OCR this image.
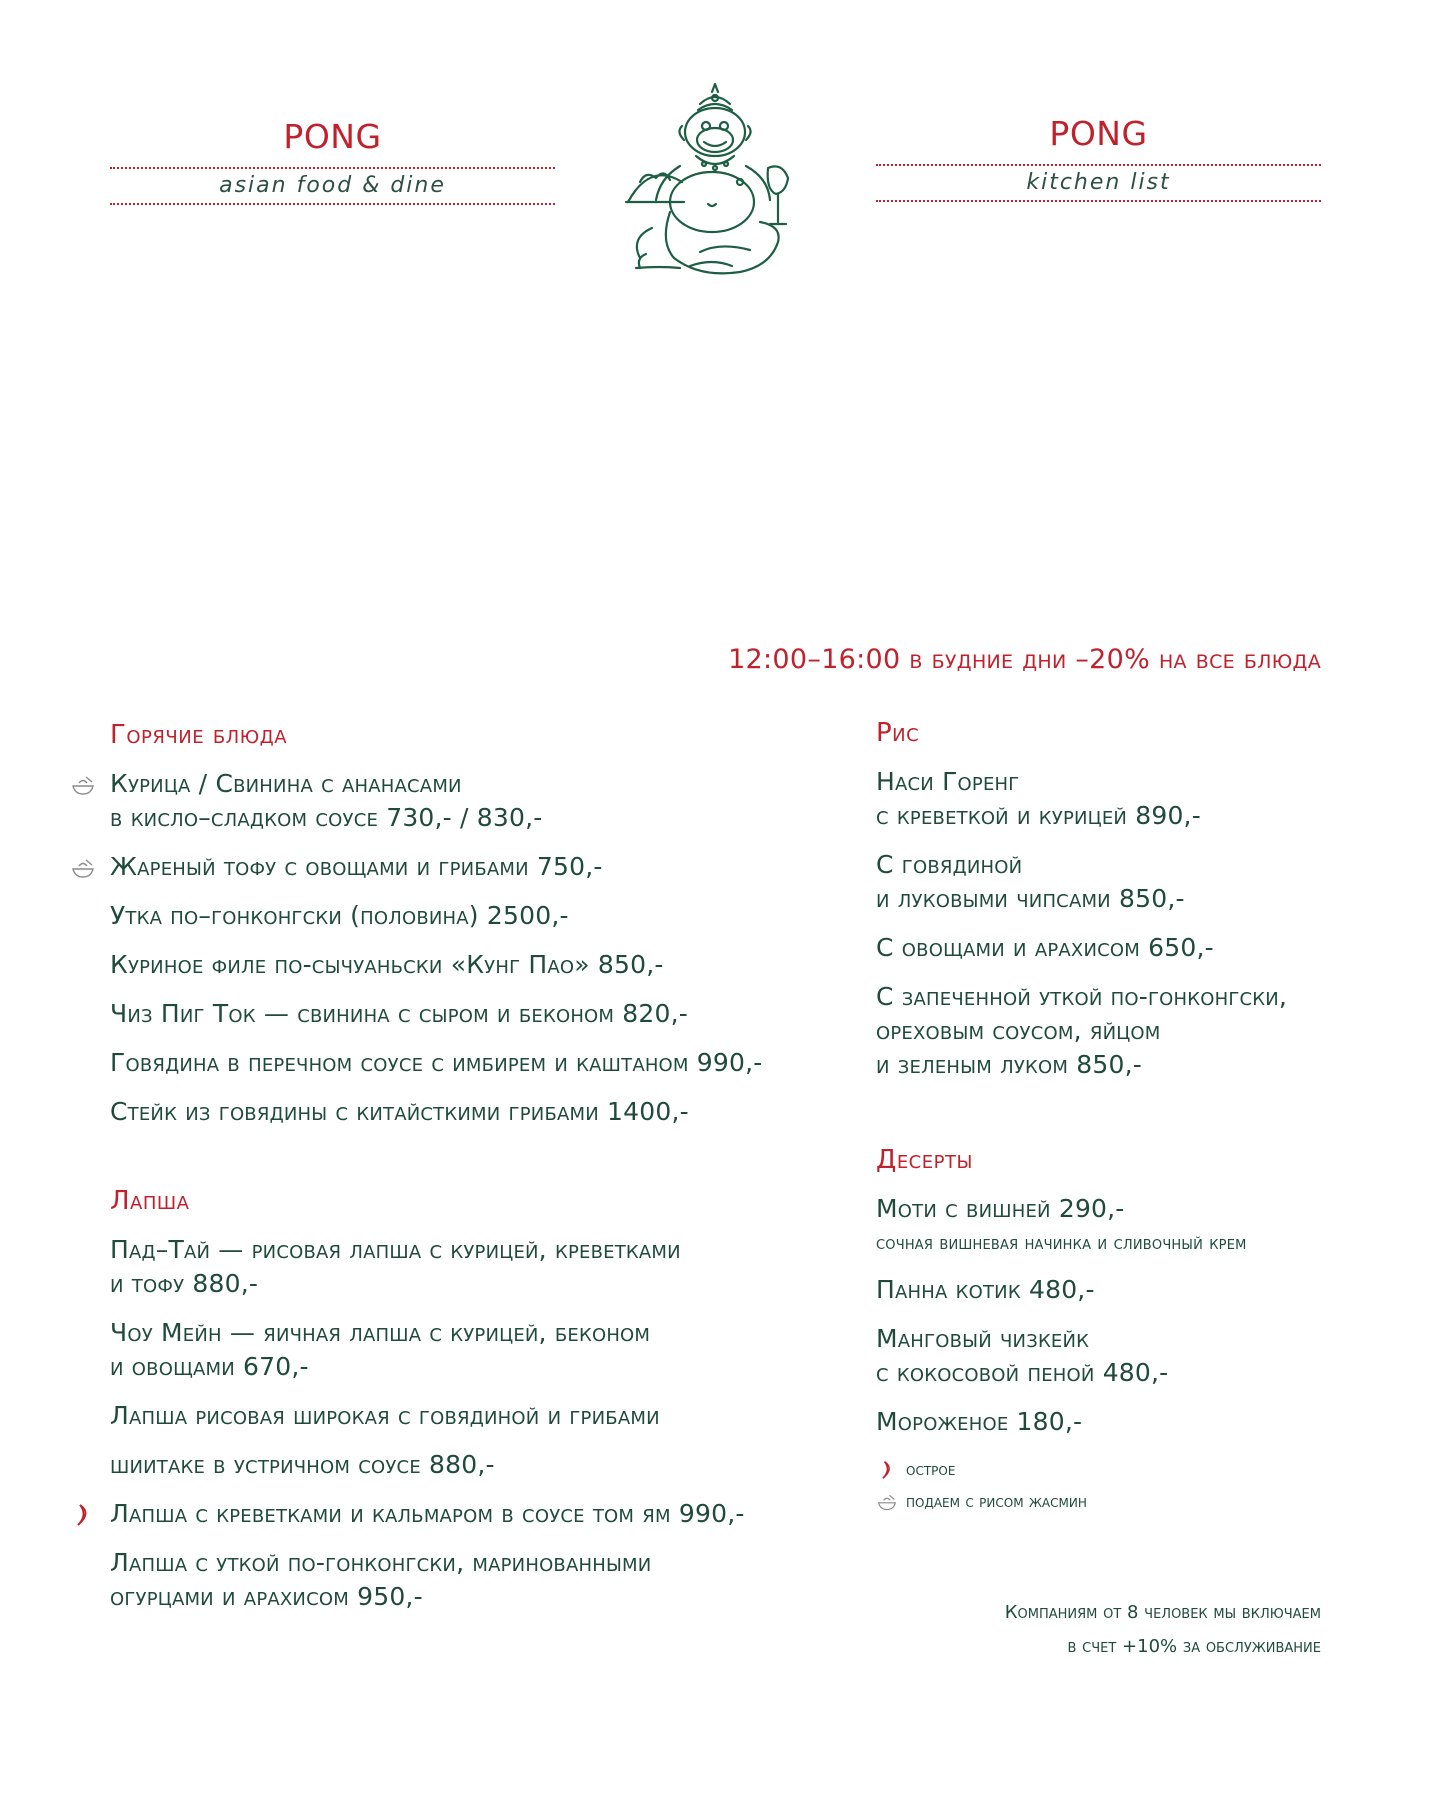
PONG
asian food & dine
PONG
kitchen list
12:00–16:00 в будние дни –20% на все блюда
Горячие блюда
Курица / Свинина с ананасами
в кисло–сладком соусе 730,- / 830,-
Жареный тофу с овощами и грибами 750,-
Утка по–гонконгски (половина) 2500,-
Куриное филе по-сычуаньски «Кунг Пао» 850,-
Чиз Пиг Ток — свинина с сыром и беконом 820,-
Говядина в перечном соусе с имбирем и каштаном 990,-
Стейк из говядины с китайсткими грибами 1400,-
Лапша
Пад–Тай — рисовая лапша с курицей, креветками
и тофу 880,-
Чоу Мейн — яичная лапша с курицей, беконом
и овощами 670,-
Лапша рисовая широкая с говядиной и грибами
шиитаке в устричном соусе 880,-
Лапша с креветками и кальмаром в соусе том ям 990,-
Лапша с уткой по-гонконгски, маринованными
огурцами и арахисом 950,-
Рис
Наси Горенг
с креветкой и курицей 890,-
С говядиной
и луковыми чипсами 850,-
С овощами и арахисом 650,-
С запеченной уткой по-гонконгски,
ореховым соусом, яйцом
и зеленым луком 850,-
Десерты
Моти с вишней 290,-
сочная вишневая начинка и сливочный крем
Панна котик 480,-
Манговый чизкейк
с кокосовой пеной 480,-
Мороженое 180,-
острое
подаем с рисом жасмин
Компаниям от 8 человек мы включаем
в счет +10% за обслуживание
